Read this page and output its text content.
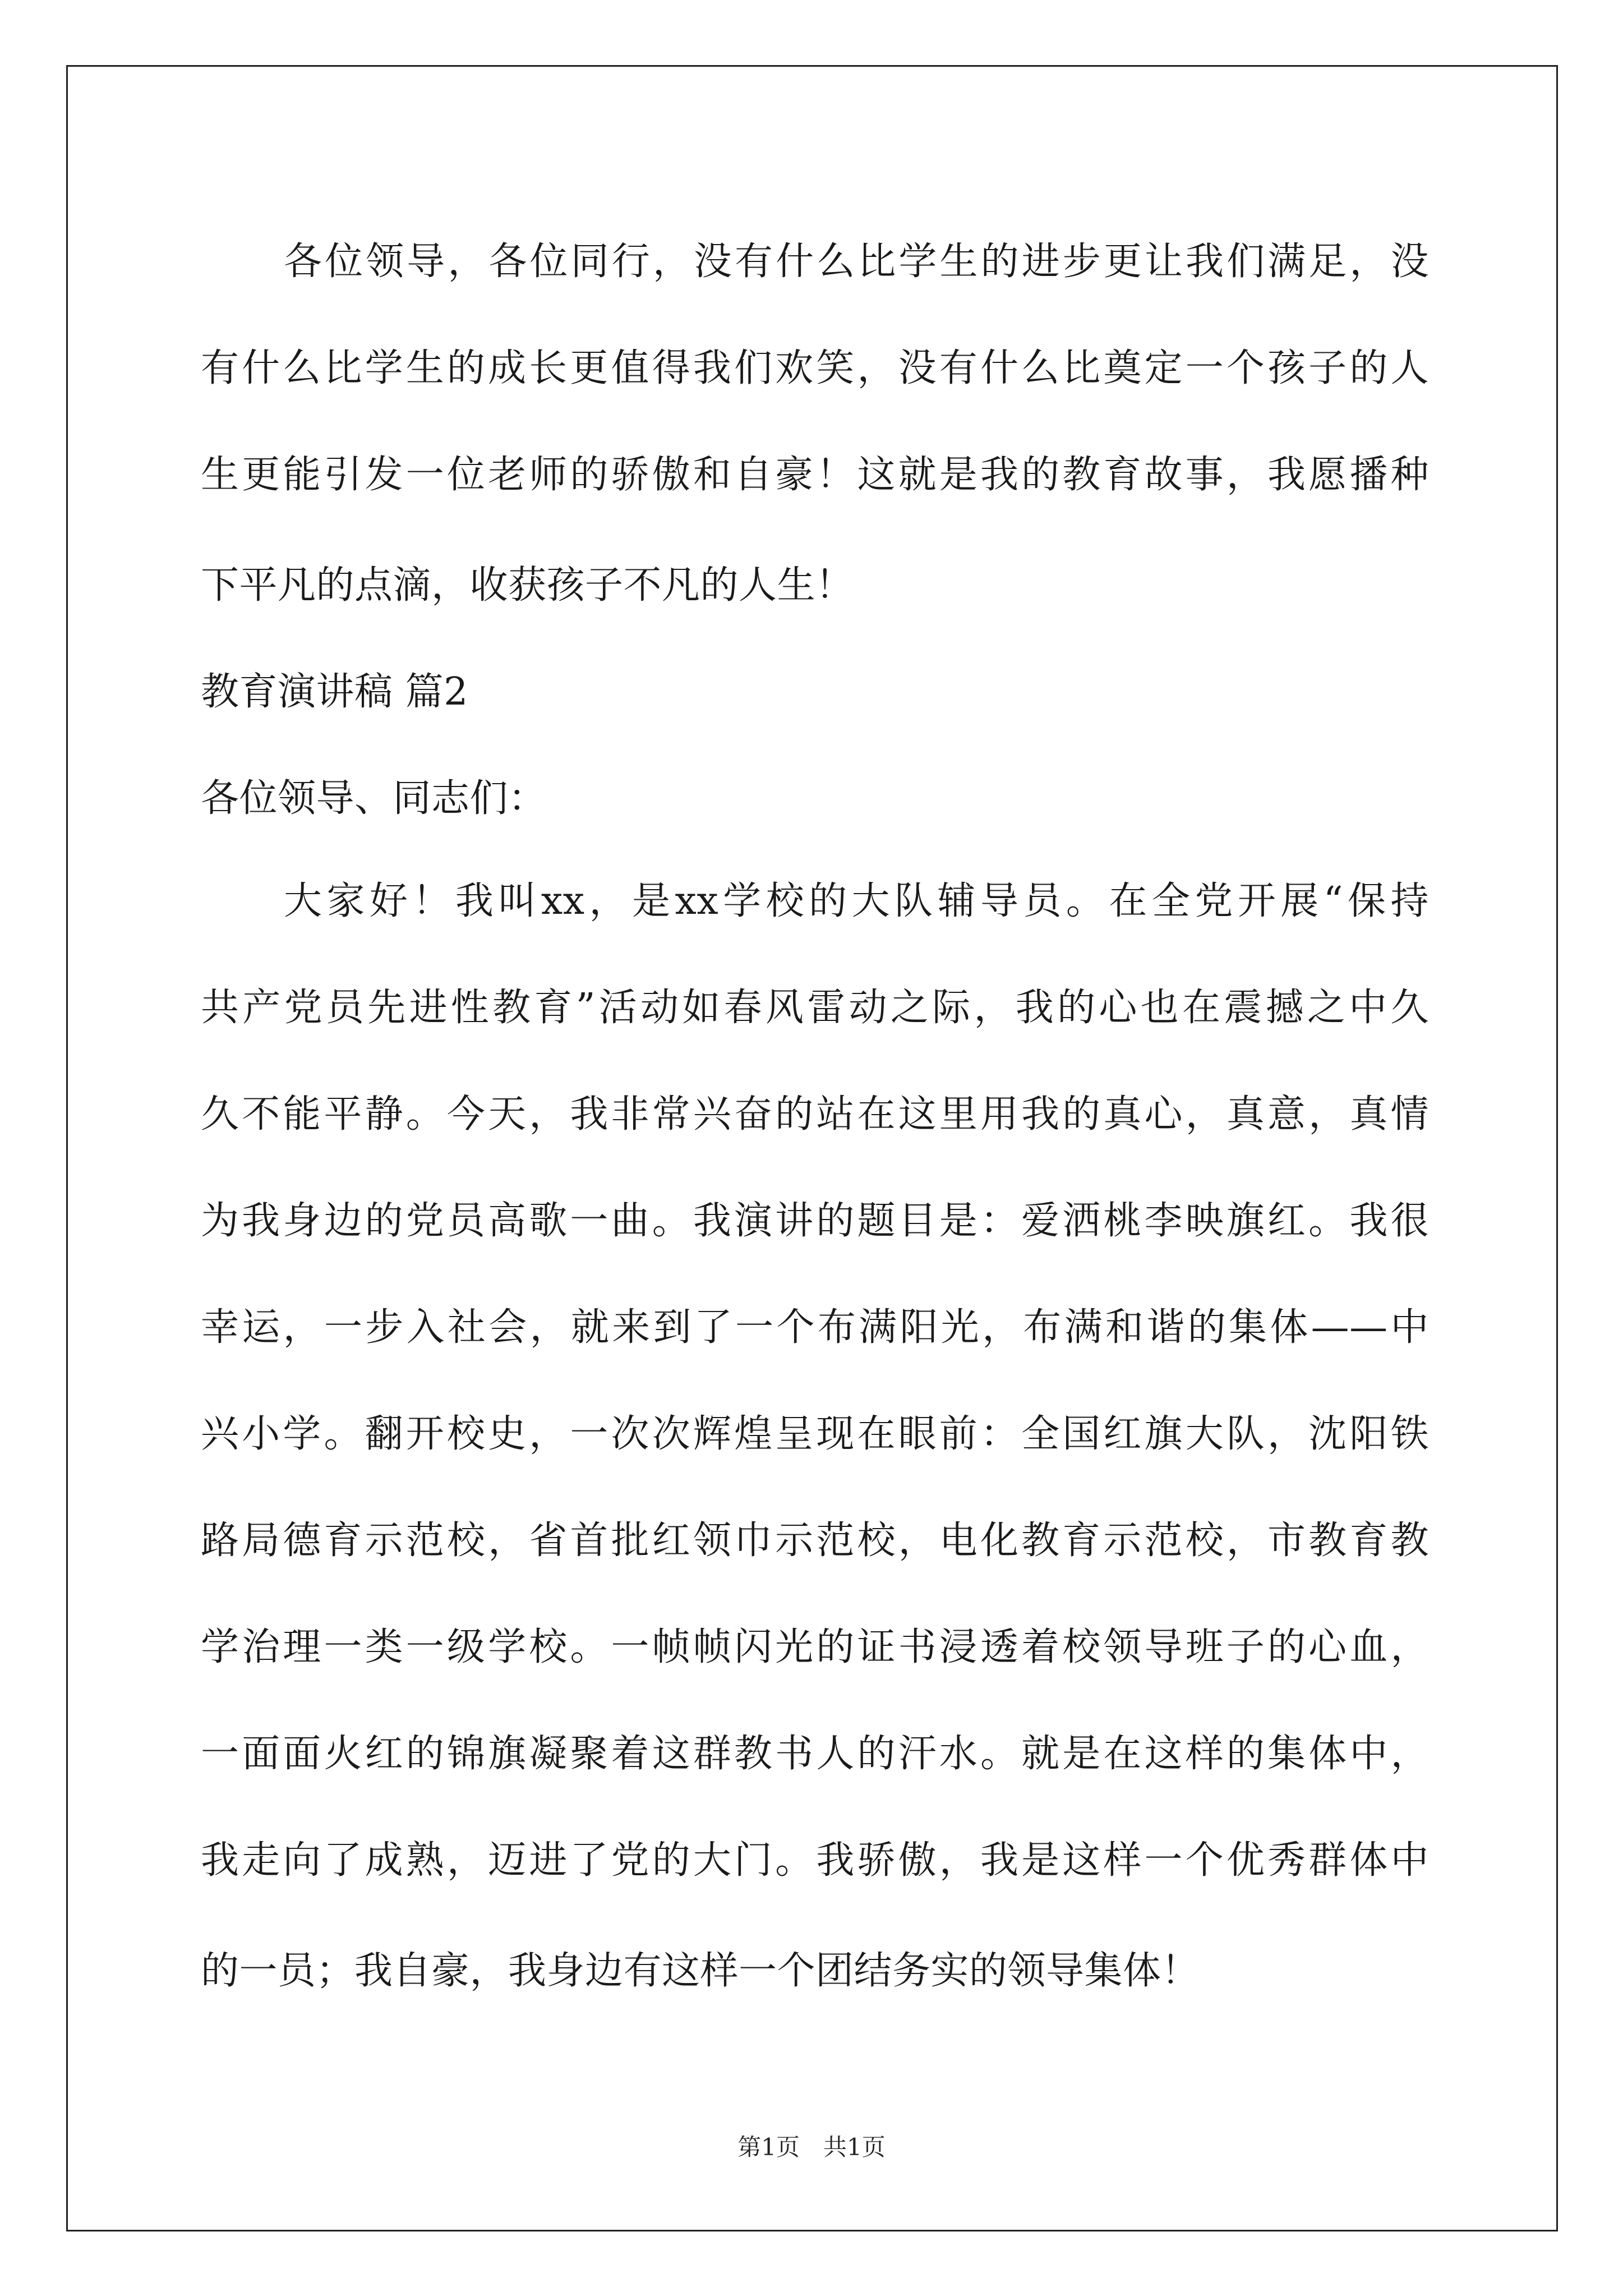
各位领导，各位同行，没有什么比学生的进步更让我们满足，没
有什么比学生的成长更值得我们欢笑，没有什么比奠定一个孩子的人
生更能引发一位老师的骄傲和自豪！这就是我的教育故事，我愿播种
下平凡的点滴，收获孩子不凡的人生！
教育演讲稿 篇2
各位领导、同志们：
大家好！我叫xx，是xx学校的大队辅导员。在全党开展“保持
共产党员先进性教育”活动如春风雷动之际，我的心也在震撼之中久
久不能平静。今天，我非常兴奋的站在这里用我的真心，真意，真情
为我身边的党员高歌一曲。我演讲的题目是：爱洒桃李映旗红。我很
幸运，一步入社会，就来到了一个布满阳光，布满和谐的集体——中
兴小学。翻开校史，一次次辉煌呈现在眼前：全国红旗大队，沈阳铁
路局德育示范校，省首批红领巾示范校，电化教育示范校，市教育教
学治理一类一级学校。一帧帧闪光的证书浸透着校领导班子的心血，
一面面火红的锦旗凝聚着这群教书人的汗水。就是在这样的集体中，
我走向了成熟，迈进了党的大门。我骄傲，我是这样一个优秀群体中
的一员；我自豪，我身边有这样一个团结务实的领导集体！
第1页　共1页
